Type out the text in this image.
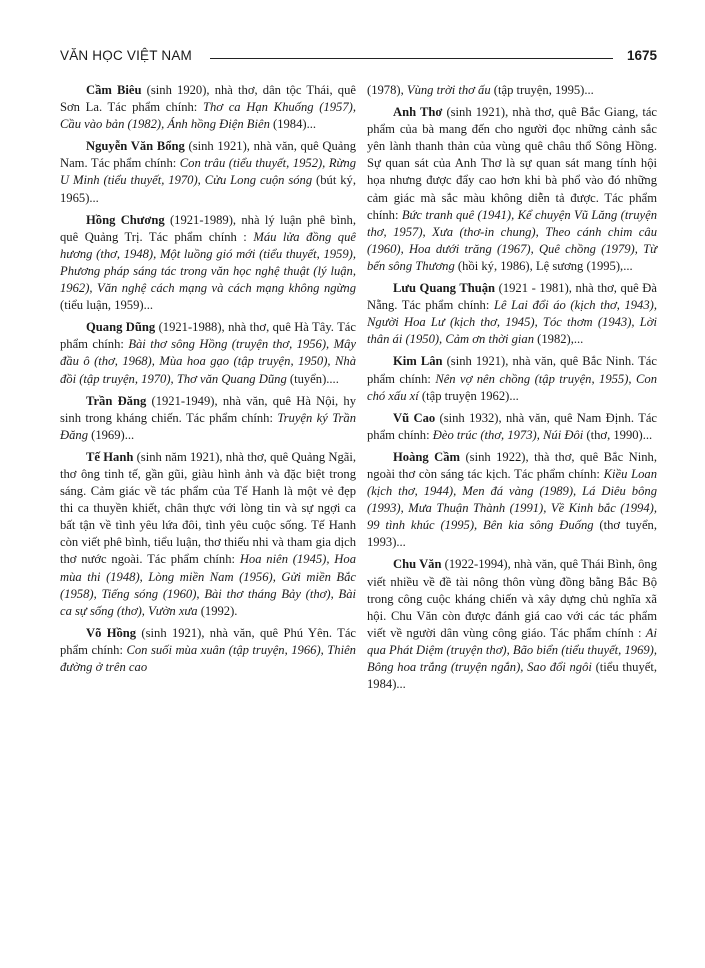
VĂN HỌC VIỆT NAM	1675

Cầm Biêu (sinh 1920), nhà thơ, dân tộc Thái, quê Sơn La. Tác phẩm chính: Thơ ca Hạn Khuống (1957), Cầu vào bản (1982), Ánh hồng Điện Biên (1984)...

Nguyễn Văn Bổng (sinh 1921), nhà văn, quê Quảng Nam. Tác phẩm chính: Con trâu (tiểu thuyết, 1952), Rừng U Minh (tiểu thuyết, 1970), Cửu Long cuộn sóng (bút ký, 1965)...

Hồng Chương (1921-1989), nhà lý luận phê bình, quê Quảng Trị. Tác phẩm chính : Máu lửa đồng quê hương (thơ, 1948), Một luồng gió mới (tiểu thuyết, 1959), Phương pháp sáng tác trong văn học nghệ thuật (lý luận, 1962), Văn nghệ cách mạng và cách mạng không ngừng (tiểu luận, 1959)...

Quang Dũng (1921-1988), nhà thơ, quê Hà Tây. Tác phẩm chính: Bài thơ sông Hồng (truyện thơ, 1956), Mây đầu ô (thơ, 1968), Mùa hoa gạo (tập truyện, 1950), Nhà đồi (tập truyện, 1970), Thơ văn Quang Dũng (tuyển)....

Trần Đăng (1921-1949), nhà văn, quê Hà Nội, hy sinh trong kháng chiến. Tác phẩm chính: Truyện ký Trần Đăng (1969)...

Tế Hanh (sinh năm 1921), nhà thơ, quê Quảng Ngãi, thơ ông tinh tế, gần gũi, giàu hình ảnh và đặc biệt trong sáng. Cảm giác về tác phẩm của Tế Hanh là một vẻ đẹp thi ca thuyền khiết, chân thực với lòng tin và sự ngợi ca bất tận về tình yêu lứa đôi, tình yêu cuộc sống. Tế Hanh còn viết phê bình, tiểu luận, thơ thiếu nhi và tham gia dịch thơ nước ngoài. Tác phẩm chính: Hoa niên (1945), Hoa mùa thi (1948), Lòng miền Nam (1956), Gửi miền Bắc (1958), Tiếng sóng (1960), Bài thơ tháng Bảy (thơ), Bài ca sự sống (thơ), Vườn xưa (1992).

Võ Hồng (sinh 1921), nhà văn, quê Phú Yên. Tác phẩm chính: Con suối mùa xuân (tập truyện, 1966), Thiên đường ở trên cao

(1978), Vùng trời thơ ấu (tập truyện, 1995)...

Anh Thơ (sinh 1921), nhà thơ, quê Bắc Giang, tác phẩm của bà mang đến cho người đọc những cảnh sắc yên lành thanh thản của vùng quê châu thổ Sông Hồng. Sự quan sát của Anh Thơ là sự quan sát mang tính hội họa nhưng được đẩy cao hơn khi bà phổ vào đó những cảm giác mà sắc màu không diễn tả được. Tác phẩm chính: Bức tranh quê (1941), Kể chuyện Vũ Lăng (truyện thơ, 1957), Xưa (thơ-in chung), Theo cánh chim câu (1960), Hoa dưới trăng (1967), Quê chồng (1979), Từ bến sông Thương (hồi ký, 1986), Lệ sương (1995),...

Lưu Quang Thuận (1921 - 1981), nhà thơ, quê Đà Nẵng. Tác phẩm chính: Lê Lai đổi áo (kịch thơ, 1943), Người Hoa Lư (kịch thơ, 1945), Tóc thơm (1943), Lời thân ái (1950), Cảm ơn thời gian (1982),...

Kim Lân (sinh 1921), nhà văn, quê Bắc Ninh. Tác phẩm chính: Nên vợ nên chồng (tập truyện, 1955), Con chó xấu xí (tập truyện 1962)...

Vũ Cao (sinh 1932), nhà văn, quê Nam Định. Tác phẩm chính: Đèo trúc (thơ, 1973), Núi Đôi (thơ, 1990)...

Hoàng Cầm (sinh 1922), thà thơ, quê Bắc Ninh, ngoài thơ còn sáng tác kịch. Tác phẩm chính: Kiều Loan (kịch thơ, 1944), Men đá vàng (1989), Lá Diêu bông (1993), Mưa Thuận Thành (1991), Về Kinh bắc (1994), 99 tình khúc (1995), Bên kia sông Đuống (thơ tuyển, 1993)...

Chu Văn (1922-1994), nhà văn, quê Thái Bình, ông viết nhiều về đề tài nông thôn vùng đồng bằng Bắc Bộ trong công cuộc kháng chiến và xây dựng chủ nghĩa xã hội. Chu Văn còn được đánh giá cao với các tác phẩm viết về người dân vùng công giáo. Tác phẩm chính : Ai qua Phát Diệm (truyện thơ), Bão biển (tiểu thuyết, 1969), Bông hoa trắng (truyện ngắn), Sao đổi ngôi (tiểu thuyết, 1984)...
